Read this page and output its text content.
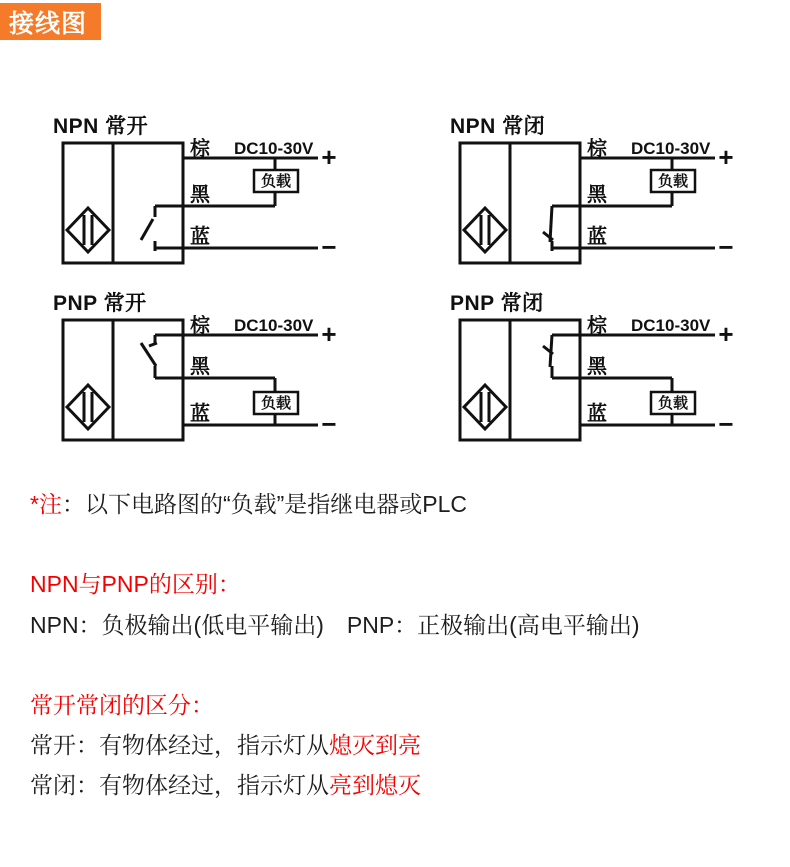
接线图
NPN 常开
负载
棕 DC10-30V
黑
蓝
+
−
NPN 常闭
负载
棕 DC10-30V
黑
蓝
+
−
PNP 常开
负载
棕 DC10-30V
黑
蓝
+
−
PNP 常闭
负载
棕 DC10-30V
黑
蓝
+
−
*注：以下电路图的“负载”是指继电器或PLC
NPN与PNP的区别：
NPN：负极输出(低电平输出)　PNP：正极输出(高电平输出)
常开常闭的区分：
常开：有物体经过，指示灯从熄灭到亮
常闭：有物体经过，指示灯从亮到熄灭
